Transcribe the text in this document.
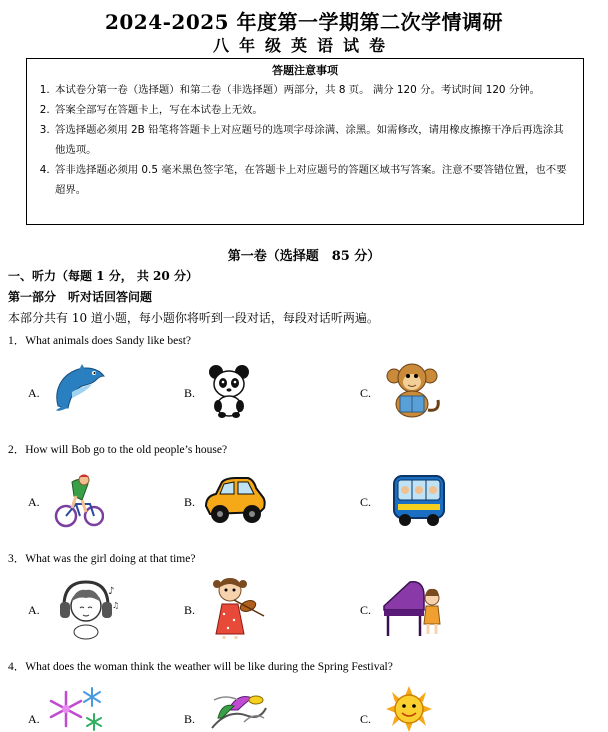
2024-2025 年度第一学期第二次学情调研
八年级英语试卷
答题注意事项
1. 本试卷分第一卷（选择题）和第二卷（非选择题）两部分，共 8 页。 满分 120 分。考试时间 120 分钟。
2. 答案全部写在答题卡上，写在本试卷上无效。
3. 答选择题必须用 2B 铅笔将答题卡上对应题号的选项字母涂满、涂黑。如需修改，请用橡皮擦擦干净后再选涂其他选项。
4. 答非选择题必须用 0.5 毫米黑色签字笔，在答题卡上对应题号的答题区域书写答案。注意不要答错位置，也不要超界。
第一卷（选择题　85 分）
一、听力（每题 1 分， 共 20 分）
第一部分　听对话回答问题
本部分共有 10 道小题，每小题你将听到一段对话，每段对话听两遍。
1．What animals does Sandy like best?
A.	B.	C.
2．How will Bob go to the old people’s house?
A.	B.	C.
3．What was the girl doing at that time?
A.	B.	C.
♪
♫
4．What does the woman think the weather will be like during the Spring Festival?
A.	B.	C.
